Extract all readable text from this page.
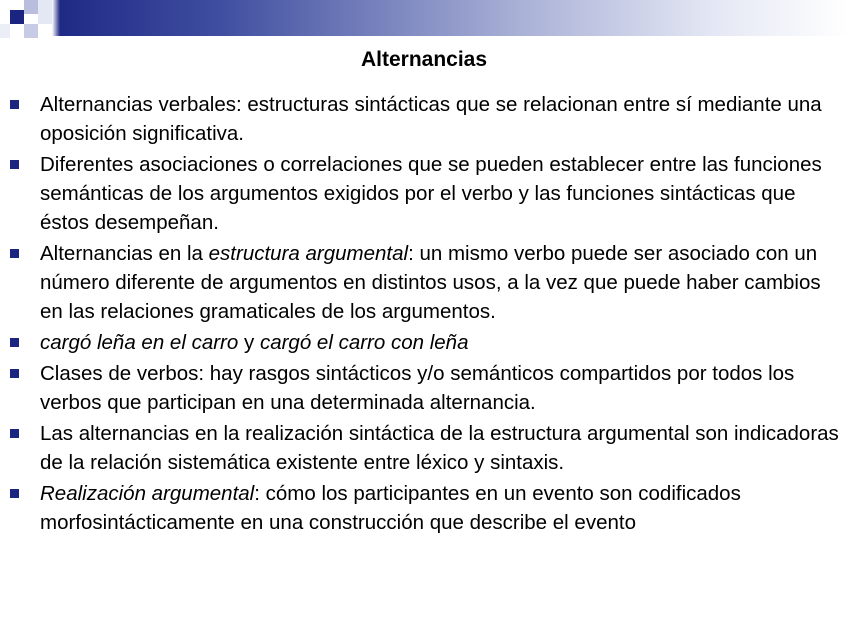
Alternancias
Alternancias verbales: estructuras sintácticas que se relacionan entre sí mediante una oposición significativa.
Diferentes asociaciones o correlaciones que se pueden establecer entre las funciones semánticas de los argumentos exigidos por el verbo y las funciones sintácticas que éstos desempeñan.
Alternancias en la estructura argumental: un mismo verbo puede ser asociado con un número diferente de argumentos en distintos usos, a la vez que puede haber cambios en las relaciones gramaticales de los argumentos.
cargó leña en el carro y cargó el carro con leña
Clases de verbos: hay rasgos sintácticos y/o semánticos compartidos por todos los verbos que participan en una determinada alternancia.
Las alternancias en la realización sintáctica de la estructura argumental son indicadoras de la relación sistemática existente entre léxico y sintaxis.
Realización argumental: cómo los participantes en un evento son codificados morfosintácticamente en una construcción que describe el evento
